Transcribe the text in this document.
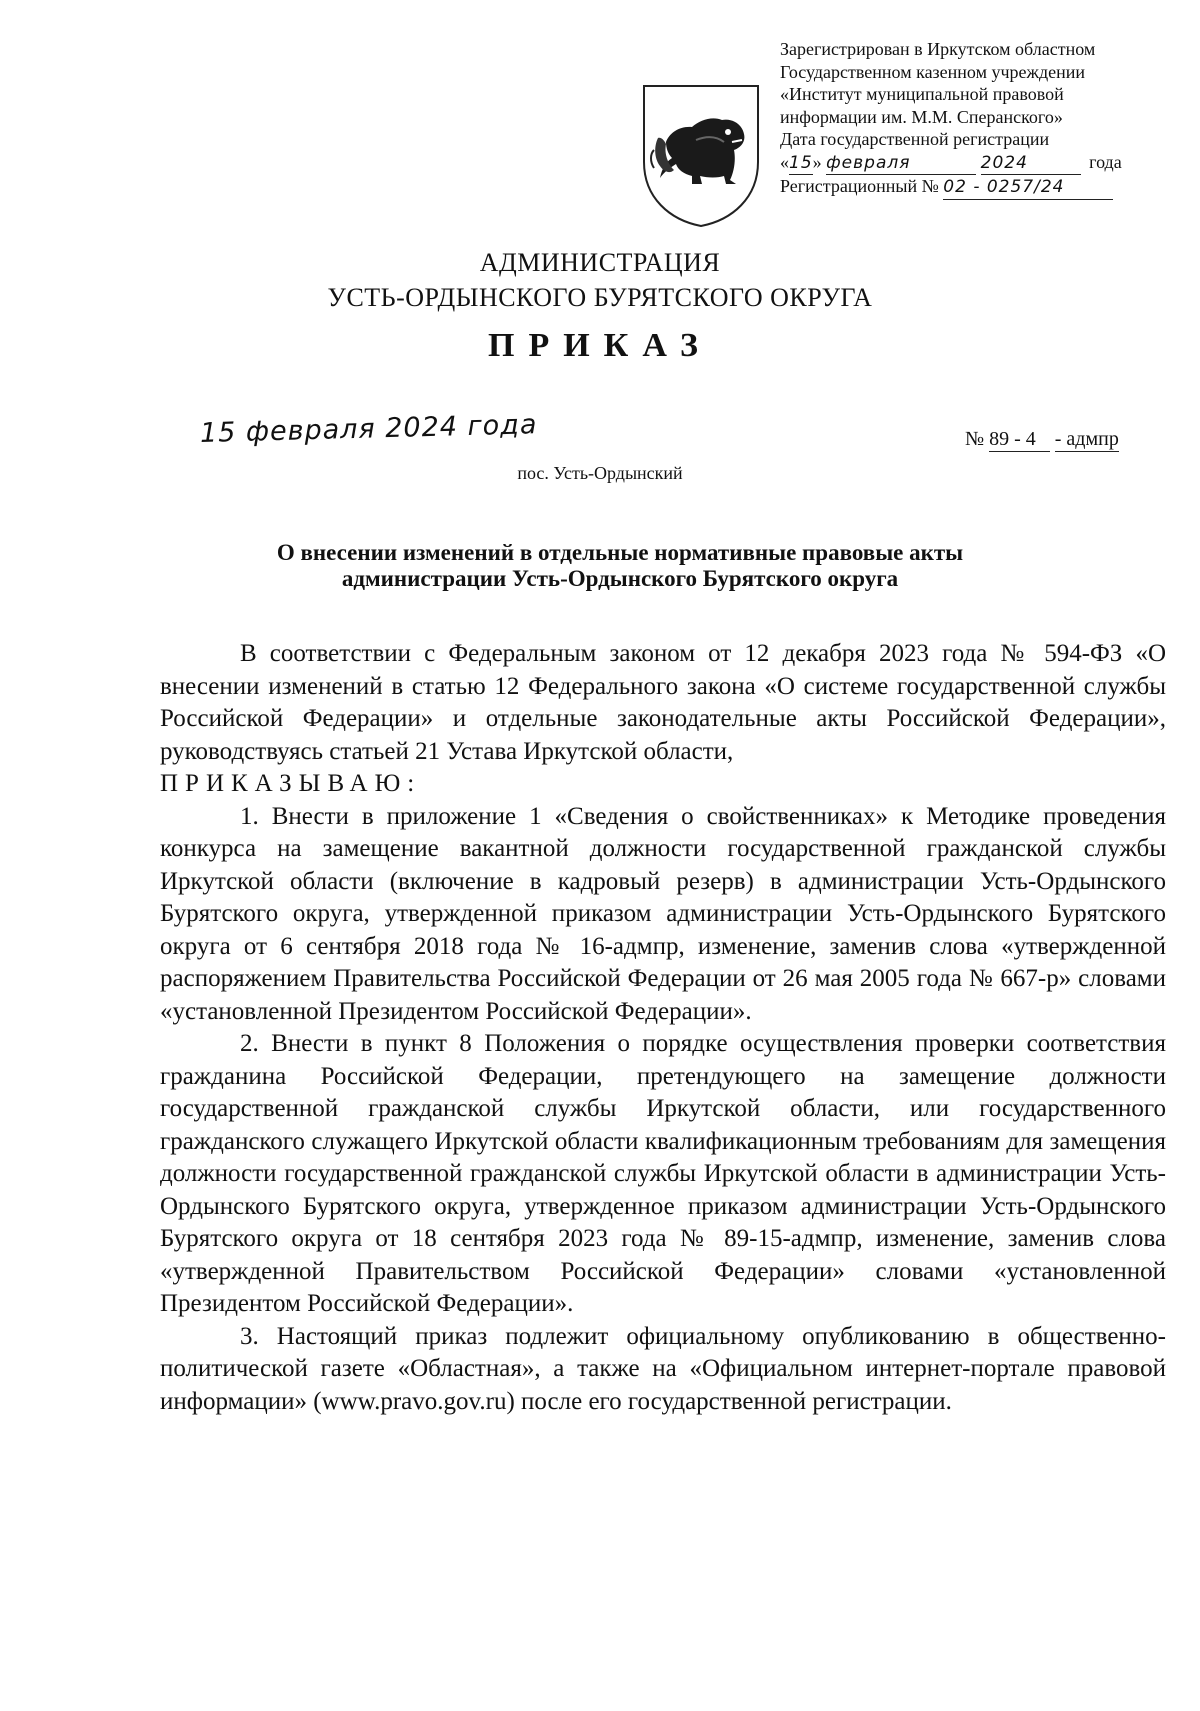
Зарегистрирован в Иркутском областном
Государственном казенном учреждении
«Институт муниципальной правовой
информации им. М.М. Сперанского»
Дата государственной регистрации
«15» февраля	2024	года
Регистрационный № 02 - 0257/24
АДМИНИСТРАЦИЯ
УСТЬ-ОРДЫНСКОГО БУРЯТСКОГО ОКРУГА
ПРИКАЗ
15 февраля 2024 года	№ 89 - 4 - адмпр
пос. Усть-Ордынский
О внесении изменений в отдельные нормативные правовые акты
администрации Усть-Ордынского Бурятского округа

В соответствии с Федеральным законом от 12 декабря 2023 года № 594-ФЗ «О внесении изменений в статью 12 Федерального закона «О системе государственной службы Российской Федерации» и отдельные законодательные акты Российской Федерации», руководствуясь статьей 21 Устава Иркутской области,

ПРИКАЗЫВАЮ:

1. Внести в приложение 1 «Сведения о свойственниках» к Методике проведения конкурса на замещение вакантной должности государственной гражданской службы Иркутской области (включение в кадровый резерв) в администрации Усть-Ордынского Бурятского округа, утвержденной приказом администрации Усть-Ордынского Бурятского округа от 6 сентября 2018 года № 16-адмпр, изменение, заменив слова «утвержденной распоряжением Правительства Российской Федерации от 26 мая 2005 года № 667-р» словами «установленной Президентом Российской Федерации».

2. Внести в пункт 8 Положения о порядке осуществления проверки соответствия гражданина Российской Федерации, претендующего на замещение должности государственной гражданской службы Иркутской области, или государственного гражданского служащего Иркутской области квалификационным требованиям для замещения должности государственной гражданской службы Иркутской области в администрации Усть-Ордынского Бурятского округа, утвержденное приказом администрации Усть-Ордынского Бурятского округа от 18 сентября 2023 года № 89-15-адмпр, изменение, заменив слова «утвержденной Правительством Российской Федерации» словами «установленной Президентом Российской Федерации».

3. Настоящий приказ подлежит официальному опубликованию в общественно-политической газете «Областная», а также на «Официальном интернет-портале правовой информации» (www.pravo.gov.ru) после его государственной регистрации.
